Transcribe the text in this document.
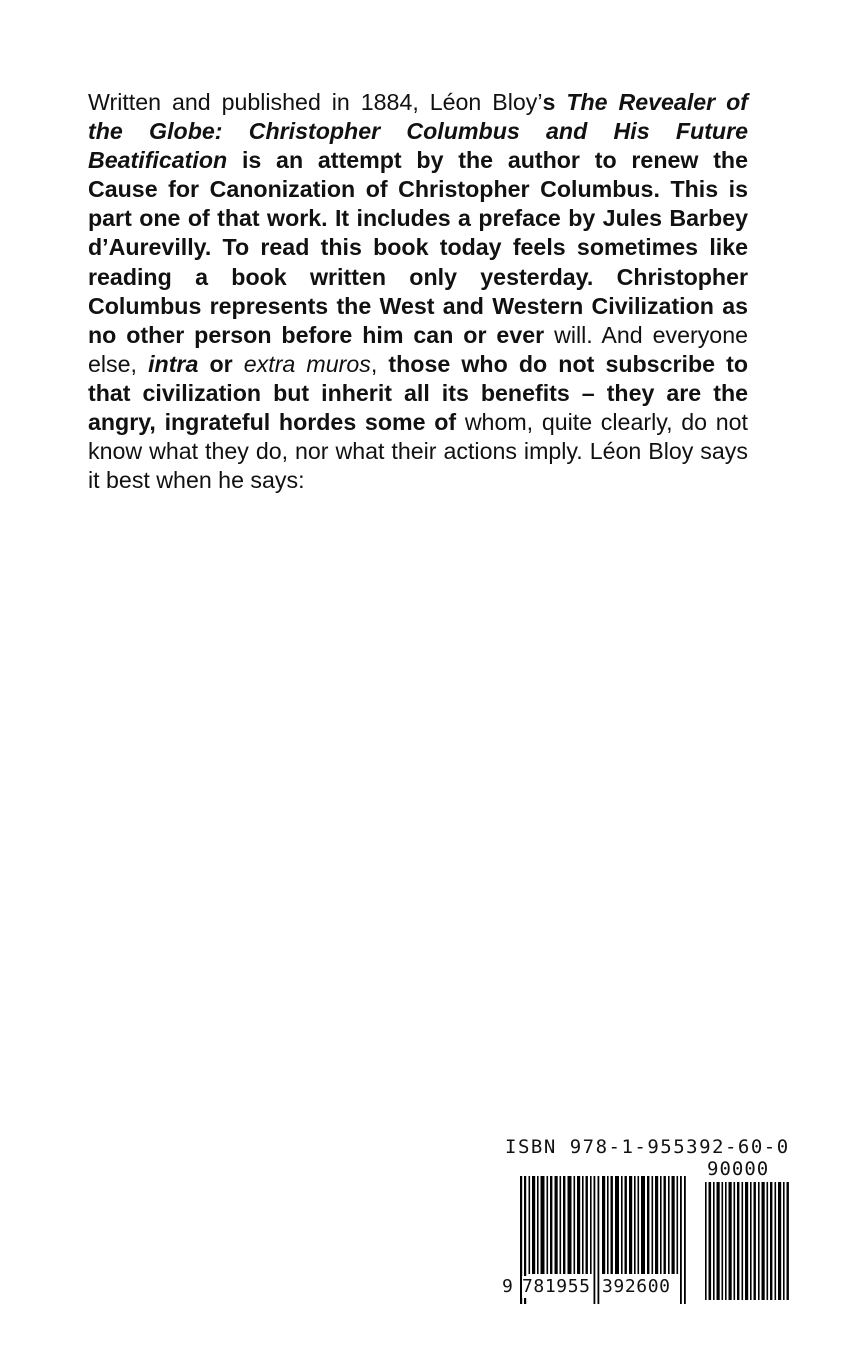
Written and published in 1884, Léon Bloy’s The Revealer of the Globe: Christopher Columbus and His Future Beatification is an attempt by the author to renew the Cause for Canonization of Christopher Columbus. This is part one of that work. It includes a preface by Jules Barbey d’Aurevilly. To read this book today feels sometimes like reading a book written only yesterday. Christopher Columbus represents the West and Western Civilization as no other person before him can or ever will. And everyone else, intra or extra muros, those who do not subscribe to that civilization but inherit all its benefits – they are the angry, ingrateful hordes some of whom, quite clearly, do not know what they do, nor what their actions imply. Léon Bloy says it best when he says:

ISBN 978-1-955392-60-0
90000
9 781955 392600
